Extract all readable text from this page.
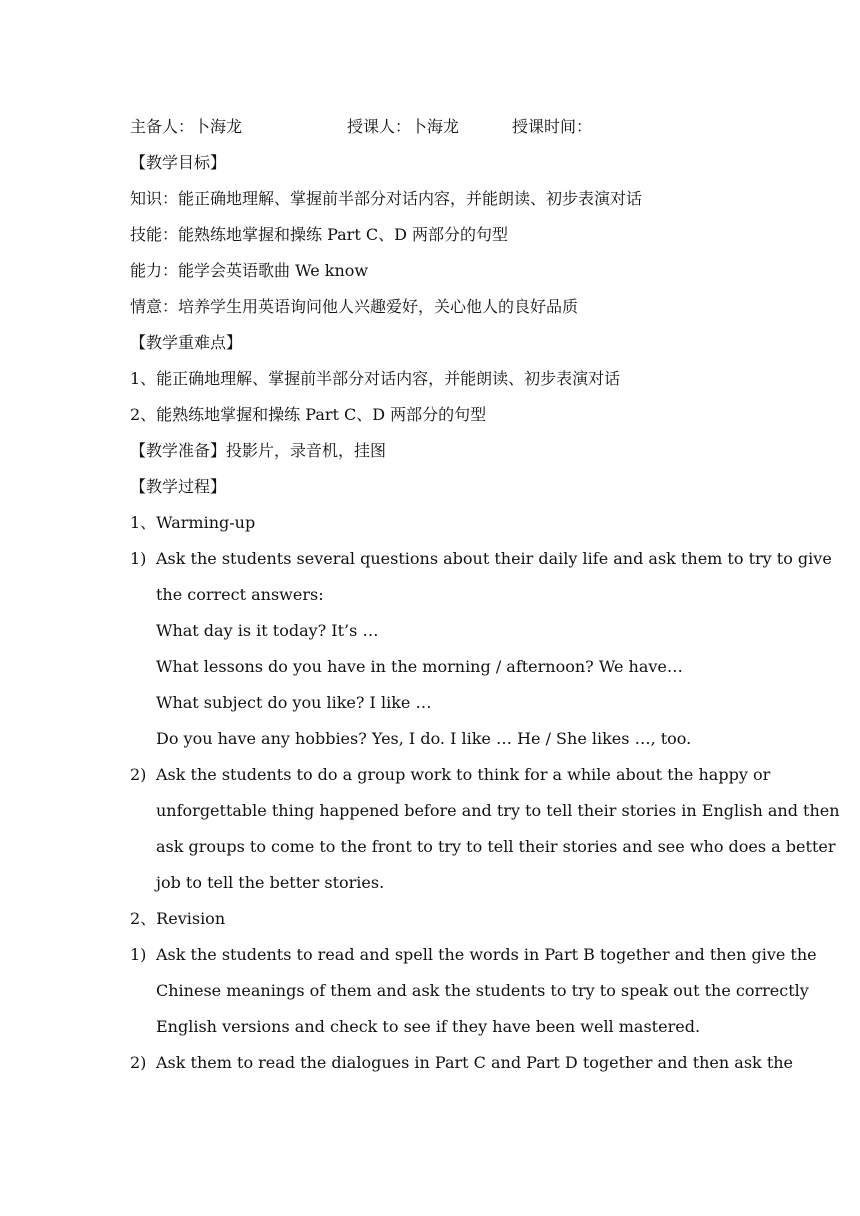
主备人：卜海龙	授课人：卜海龙	授课时间：
【教学目标】
知识：能正确地理解、掌握前半部分对话内容，并能朗读、初步表演对话
技能：能熟练地掌握和操练 Part C、D 两部分的句型
能力：能学会英语歌曲 We know
情意：培养学生用英语询问他人兴趣爱好，关心他人的良好品质
【教学重难点】
1、能正确地理解、掌握前半部分对话内容，并能朗读、初步表演对话
2、能熟练地掌握和操练 Part C、D 两部分的句型
【教学准备】投影片，录音机，挂图
【教学过程】
1、Warming-up
1) Ask the students several questions about their daily life and ask them to try to give
the correct answers:
What day is it today? It’s …
What lessons do you have in the morning / afternoon? We have…
What subject do you like? I like …
Do you have any hobbies? Yes, I do. I like … He / She likes …, too.
2) Ask the students to do a group work to think for a while about the happy or
unforgettable thing happened before and try to tell their stories in English and then
ask groups to come to the front to try to tell their stories and see who does a better
job to tell the better stories.
2、Revision
1) Ask the students to read and spell the words in Part B together and then give the
Chinese meanings of them and ask the students to try to speak out the correctly
English versions and check to see if they have been well mastered.
2) Ask them to read the dialogues in Part C and Part D together and then ask the
